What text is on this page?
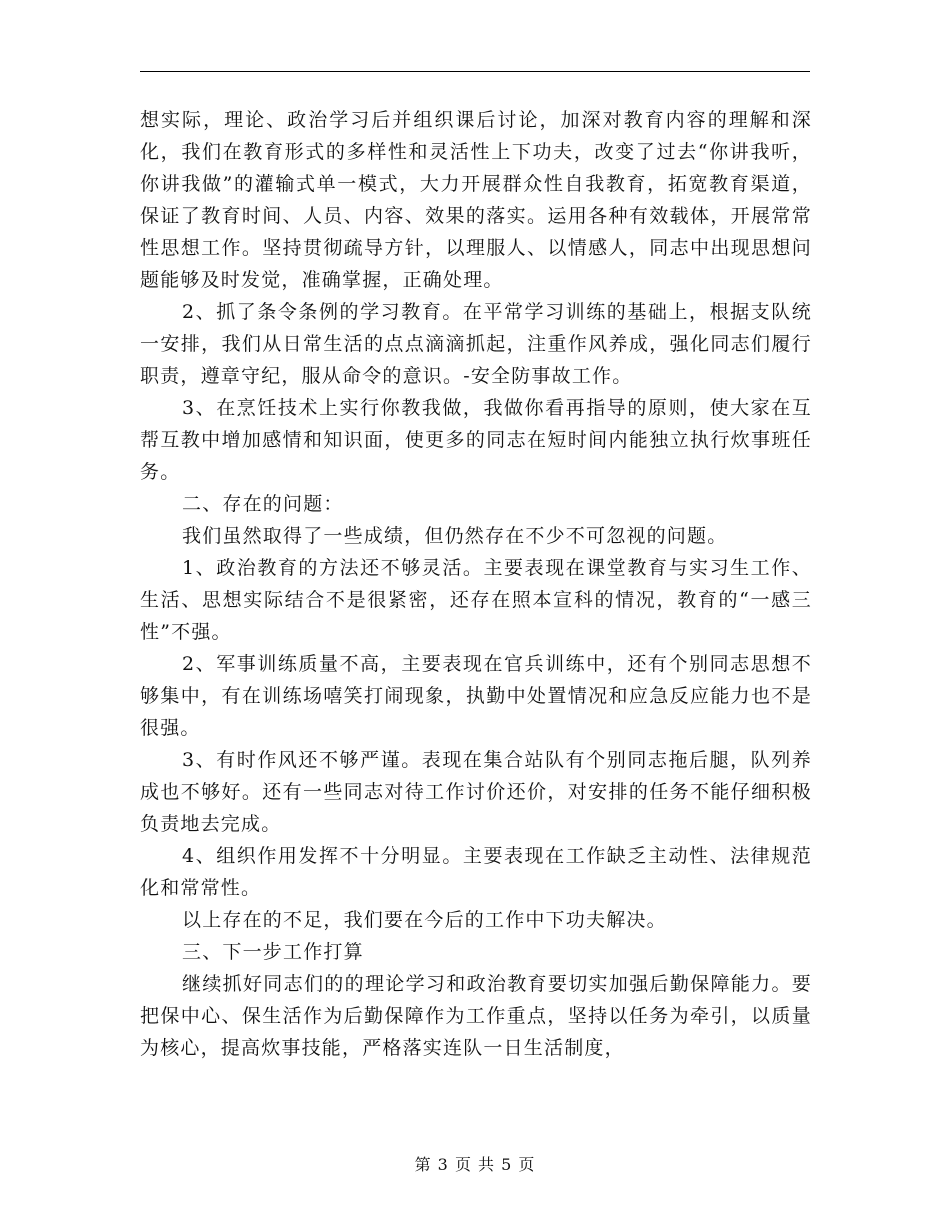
想实际，理论、政治学习后并组织课后讨论，加深对教育内容的理解和深化，我们在教育形式的多样性和灵活性上下功夫，改变了过去“你讲我听，你讲我做”的灌输式单一模式，大力开展群众性自我教育，拓宽教育渠道，保证了教育时间、人员、内容、效果的落实。运用各种有效载体，开展常常性思想工作。坚持贯彻疏导方针，以理服人、以情感人，同志中出现思想问题能够及时发觉，准确掌握，正确处理。

2、抓了条令条例的学习教育。在平常学习训练的基础上，根据支队统一安排，我们从日常生活的点点滴滴抓起，注重作风养成，强化同志们履行职责，遵章守纪，服从命令的意识。-安全防事故工作。

3、在烹饪技术上实行你教我做，我做你看再指导的原则，使大家在互帮互教中增加感情和知识面，使更多的同志在短时间内能独立执行炊事班任务。

二、存在的问题：

我们虽然取得了一些成绩，但仍然存在不少不可忽视的问题。

1、政治教育的方法还不够灵活。主要表现在课堂教育与实习生工作、生活、思想实际结合不是很紧密，还存在照本宣科的情况，教育的“一感三性”不强。

2、军事训练质量不高，主要表现在官兵训练中，还有个别同志思想不够集中，有在训练场嘻笑打闹现象，执勤中处置情况和应急反应能力也不是很强。

3、有时作风还不够严谨。表现在集合站队有个别同志拖后腿，队列养成也不够好。还有一些同志对待工作讨价还价，对安排的任务不能仔细积极负责地去完成。

4、组织作用发挥不十分明显。主要表现在工作缺乏主动性、法律规范化和常常性。

以上存在的不足，我们要在今后的工作中下功夫解决。

三、下一步工作打算

继续抓好同志们的的理论学习和政治教育要切实加强后勤保障能力。要把保中心、保生活作为后勤保障作为工作重点，坚持以任务为牵引，以质量为核心，提高炊事技能，严格落实连队一日生活制度，

第 3 页 共 5 页
